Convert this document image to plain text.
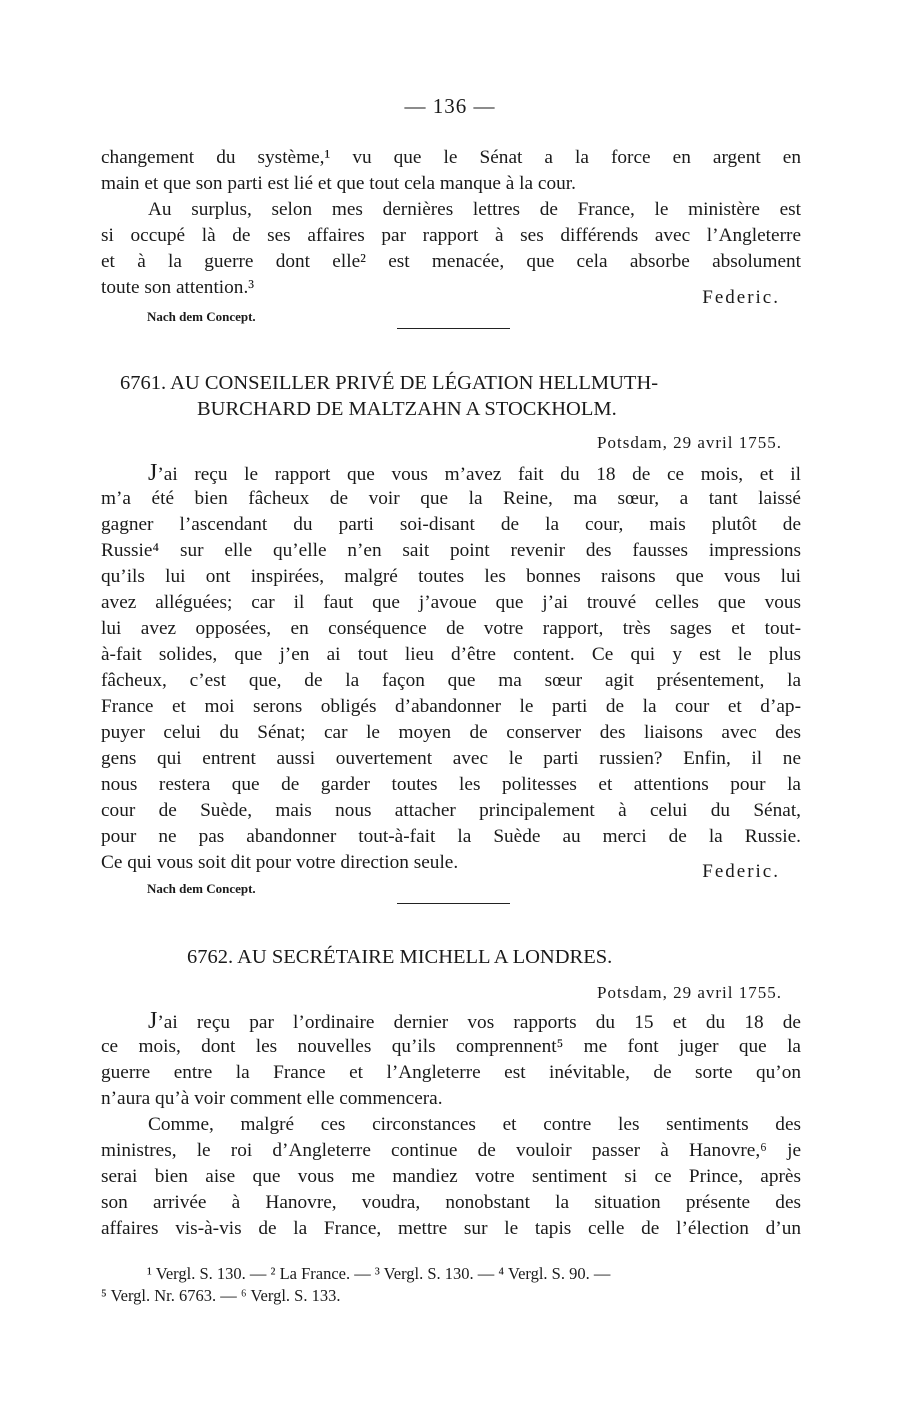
— 136 —
changement du système,¹ vu que le Sénat a la force en argent en
main et que son parti est lié et que tout cela manque à la cour.
Au surplus, selon mes dernières lettres de France, le ministère est
si occupé là de ses affaires par rapport à ses différends avec l’Angleterre
et à la guerre dont elle² est menacée, que cela absorbe absolument
toute son attention.³	Federic.
Nach dem Concept.
6761. AU CONSEILLER PRIVÉ DE LÉGATION HELLMUTH-
BURCHARD DE MALTZAHN A STOCKHOLM.
Potsdam, 29 avril 1755.
J’ai reçu le rapport que vous m’avez fait du 18 de ce mois, et il
m’a été bien fâcheux de voir que la Reine, ma sœur, a tant laissé
gagner l’ascendant du parti soi-disant de la cour, mais plutôt de
Russie⁴ sur elle qu’elle n’en sait point revenir des fausses impressions
qu’ils lui ont inspirées, malgré toutes les bonnes raisons que vous lui
avez alléguées; car il faut que j’avoue que j’ai trouvé celles que vous
lui avez opposées, en conséquence de votre rapport, très sages et tout-
à-fait solides, que j’en ai tout lieu d’être content. Ce qui y est le plus
fâcheux, c’est que, de la façon que ma sœur agit présentement, la
France et moi serons obligés d’abandonner le parti de la cour et d’ap-
puyer celui du Sénat; car le moyen de conserver des liaisons avec des
gens qui entrent aussi ouvertement avec le parti russien? Enfin, il ne
nous restera que de garder toutes les politesses et attentions pour la
cour de Suède, mais nous attacher principalement à celui du Sénat,
pour ne pas abandonner tout-à-fait la Suède au merci de la Russie.
Ce qui vous soit dit pour votre direction seule.	Federic.
Nach dem Concept.
6762. AU SECRÉTAIRE MICHELL A LONDRES.
Potsdam, 29 avril 1755.
J’ai reçu par l’ordinaire dernier vos rapports du 15 et du 18 de
ce mois, dont les nouvelles qu’ils comprennent⁵ me font juger que la
guerre entre la France et l’Angleterre est inévitable, de sorte qu’on
n’aura qu’à voir comment elle commencera.
Comme, malgré ces circonstances et contre les sentiments des
ministres, le roi d’Angleterre continue de vouloir passer à Hanovre,⁶ je
serai bien aise que vous me mandiez votre sentiment si ce Prince, après
son arrivée à Hanovre, voudra, nonobstant la situation présente des
affaires vis-à-vis de la France, mettre sur le tapis celle de l’élection d’un
¹ Vergl. S. 130. — ² La France. — ³ Vergl. S. 130. — ⁴ Vergl. S. 90. —
⁵ Vergl. Nr. 6763. — ⁶ Vergl. S. 133.
